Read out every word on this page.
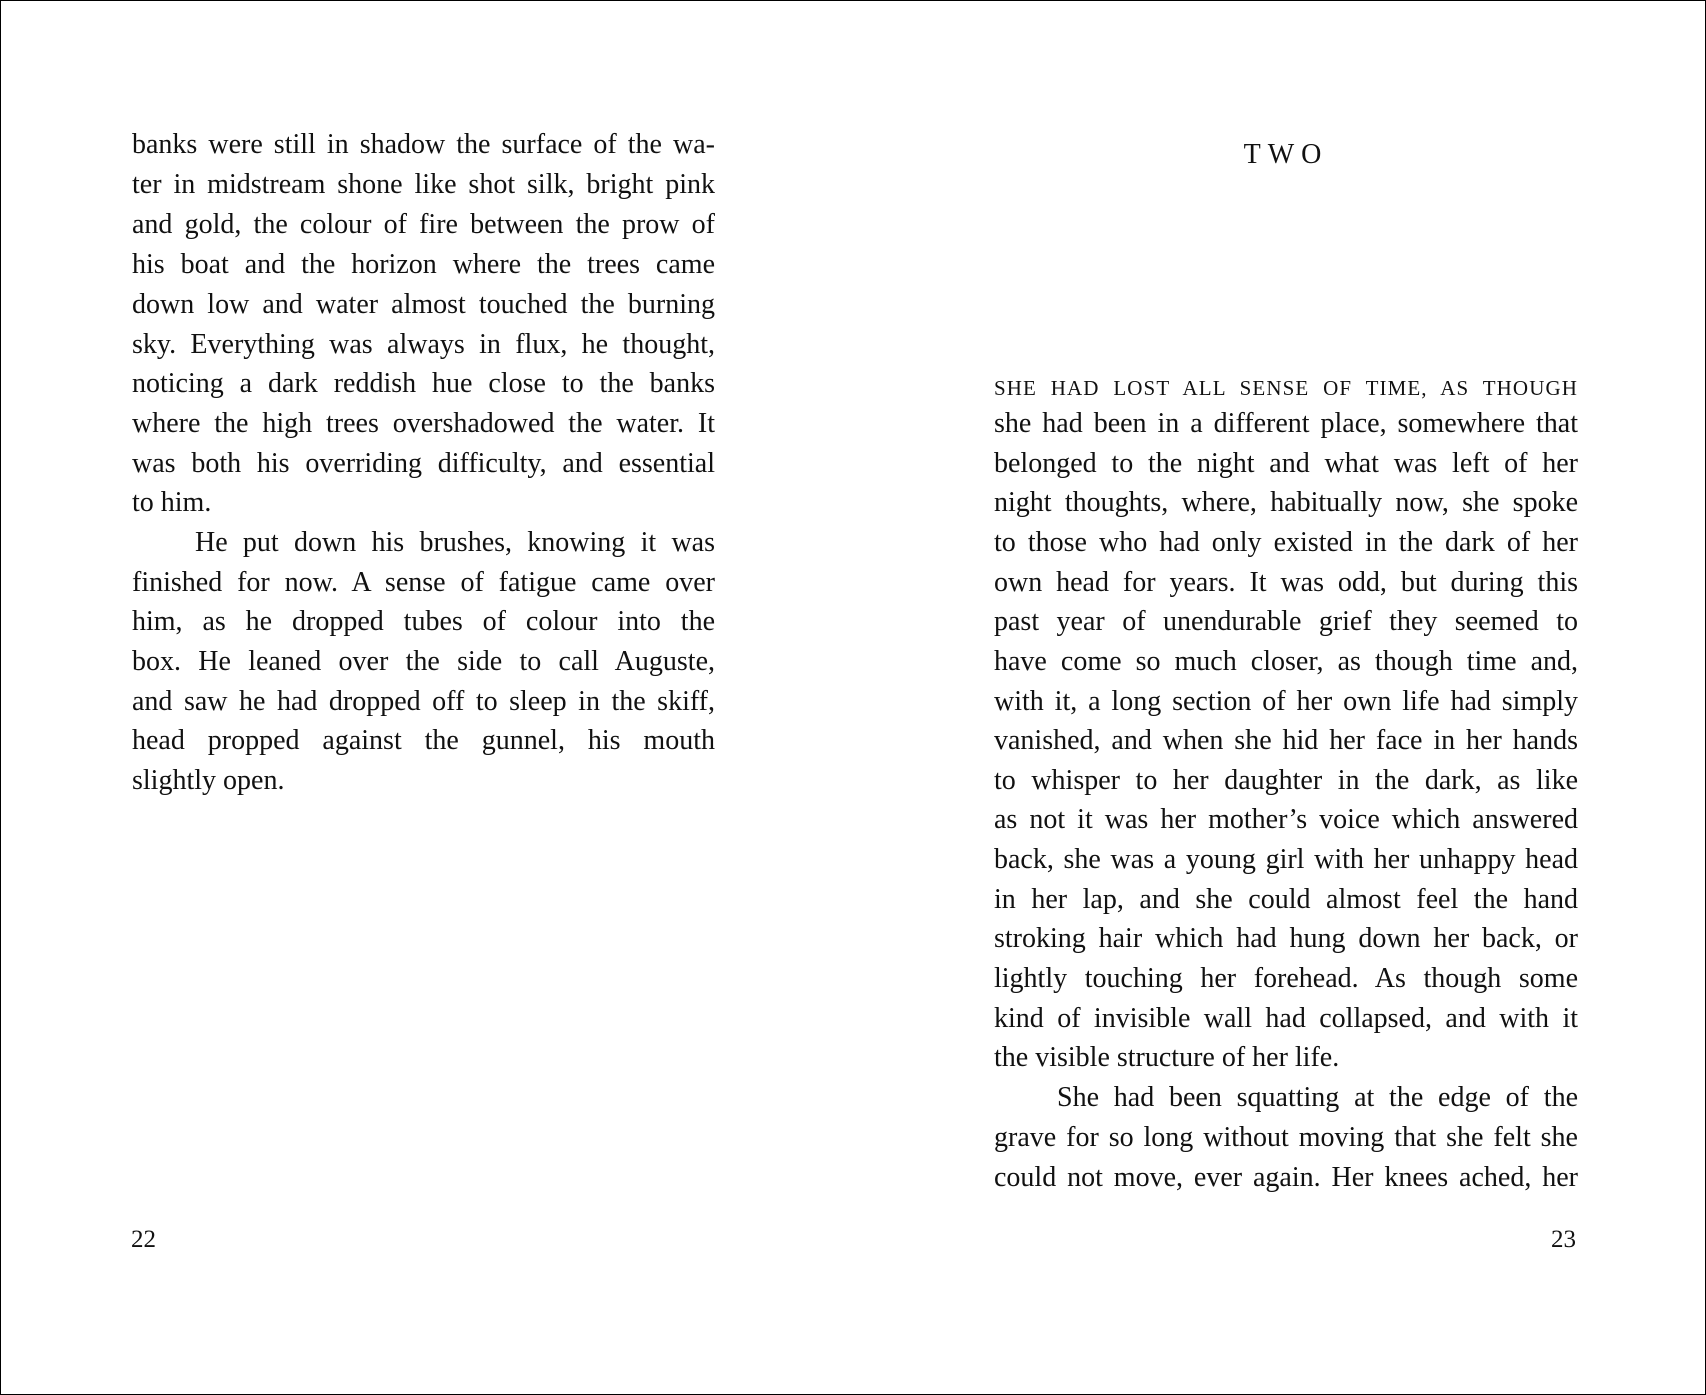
banks were still in shadow the surface of the wa-
ter in midstream shone like shot silk, bright pink
and gold, the colour of fire between the prow of
his boat and the horizon where the trees came
down low and water almost touched the burning
sky. Everything was always in flux, he thought,
noticing a dark reddish hue close to the banks
where the high trees overshadowed the water. It
was both his overriding difficulty, and essential
to him.
He put down his brushes, knowing it was
finished for now. A sense of fatigue came over
him, as he dropped tubes of colour into the
box. He leaned over the side to call Auguste,
and saw he had dropped off to sleep in the skiff,
head propped against the gunnel, his mouth
slightly open.
22
TWO
SHE HAD LOST ALL SENSE OF TIME, AS THOUGH
she had been in a different place, somewhere that
belonged to the night and what was left of her
night thoughts, where, habitually now, she spoke
to those who had only existed in the dark of her
own head for years. It was odd, but during this
past year of unendurable grief they seemed to
have come so much closer, as though time and,
with it, a long section of her own life had simply
vanished, and when she hid her face in her hands
to whisper to her daughter in the dark, as like
as not it was her mother’s voice which answered
back, she was a young girl with her unhappy head
in her lap, and she could almost feel the hand
stroking hair which had hung down her back, or
lightly touching her forehead. As though some
kind of invisible wall had collapsed, and with it
the visible structure of her life.
She had been squatting at the edge of the
grave for so long without moving that she felt she
could not move, ever again. Her knees ached, her
23
